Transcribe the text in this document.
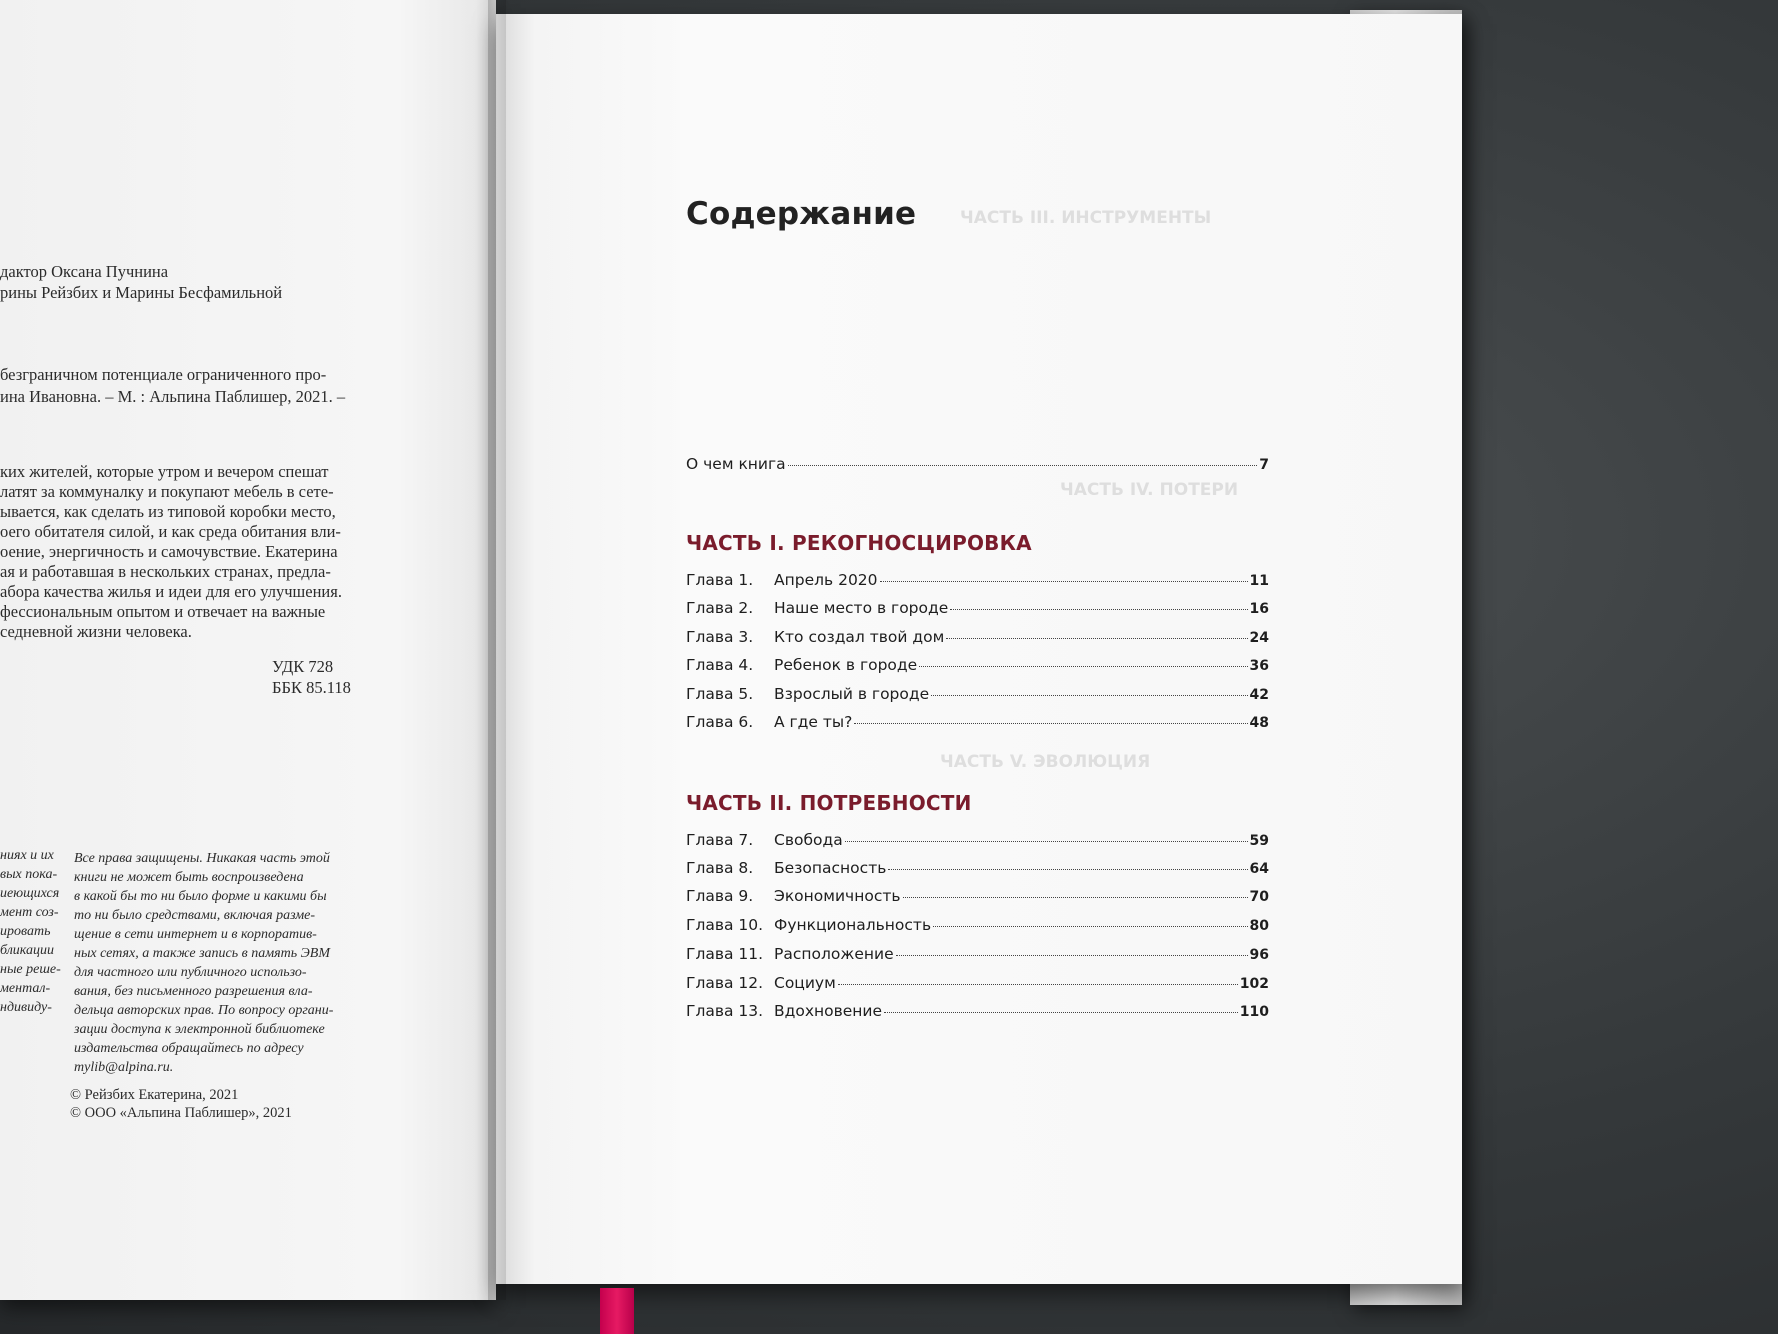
ЧАСТЬ III. ИНСТРУМЕНТЫ
ЧАСТЬ IV. ПОТЕРИ
ЧАСТЬ V. ЭВОЛЮЦИЯ
дактор Оксана Пучнина
рины Рейзбих и Марины Бесфамильной
безграничном потенциале ограниченного про-
ина Ивановна. – М. : Альпина Паблишер, 2021. –
ких жителей, которые утром и вечером спешат
латят за коммуналку и покупают мебель в сете-
ывается, как сделать из типовой коробки место,
оего обитателя силой, и как среда обитания вли-
оение, энергичность и самочувствие. Екатерина
ая и работавшая в нескольких странах, предла-
абора качества жилья и идеи для его улучшения.
фессиональным опытом и отвечает на важные
седневной жизни человека.
УДК 728
ББК 85.118
ниях и их
вых пока-
иеющихся
мент соз-
ировать
бликации
ные реше-
ментал-
ндивиду-
Все права защищены. Никакая часть этой
книги не может быть воспроизведена
в какой бы то ни было форме и какими бы
то ни было средствами, включая разме-
щение в сети интернет и в корпоратив-
ных сетях, а также запись в память ЭВМ
для частного или публичного использо-
вания, без письменного разрешения вла-
дельца авторских прав. По вопросу органи-
зации доступа к электронной библиотеке
издательства обращайтесь по адресу
mylib@alpina.ru.
© Рейзбих Екатерина, 2021
© ООО «Альпина Паблишер», 2021
Содержание
О чем книга	7
ЧАСТЬ I. РЕКОГНОСЦИРОВКА
Глава 1.	Апрель 2020	11
Глава 2.	Наше место в городе	16
Глава 3.	Кто создал твой дом	24
Глава 4.	Ребенок в городе	36
Глава 5.	Взрослый в городе	42
Глава 6.	А где ты?	48
ЧАСТЬ II. ПОТРЕБНОСТИ
Глава 7.	Свобода	59
Глава 8.	Безопасность	64
Глава 9.	Экономичность	70
Глава 10. Функциональность	80
Глава 11. Расположение	96
Глава 12. Социум	102
Глава 13. Вдохновение	110
